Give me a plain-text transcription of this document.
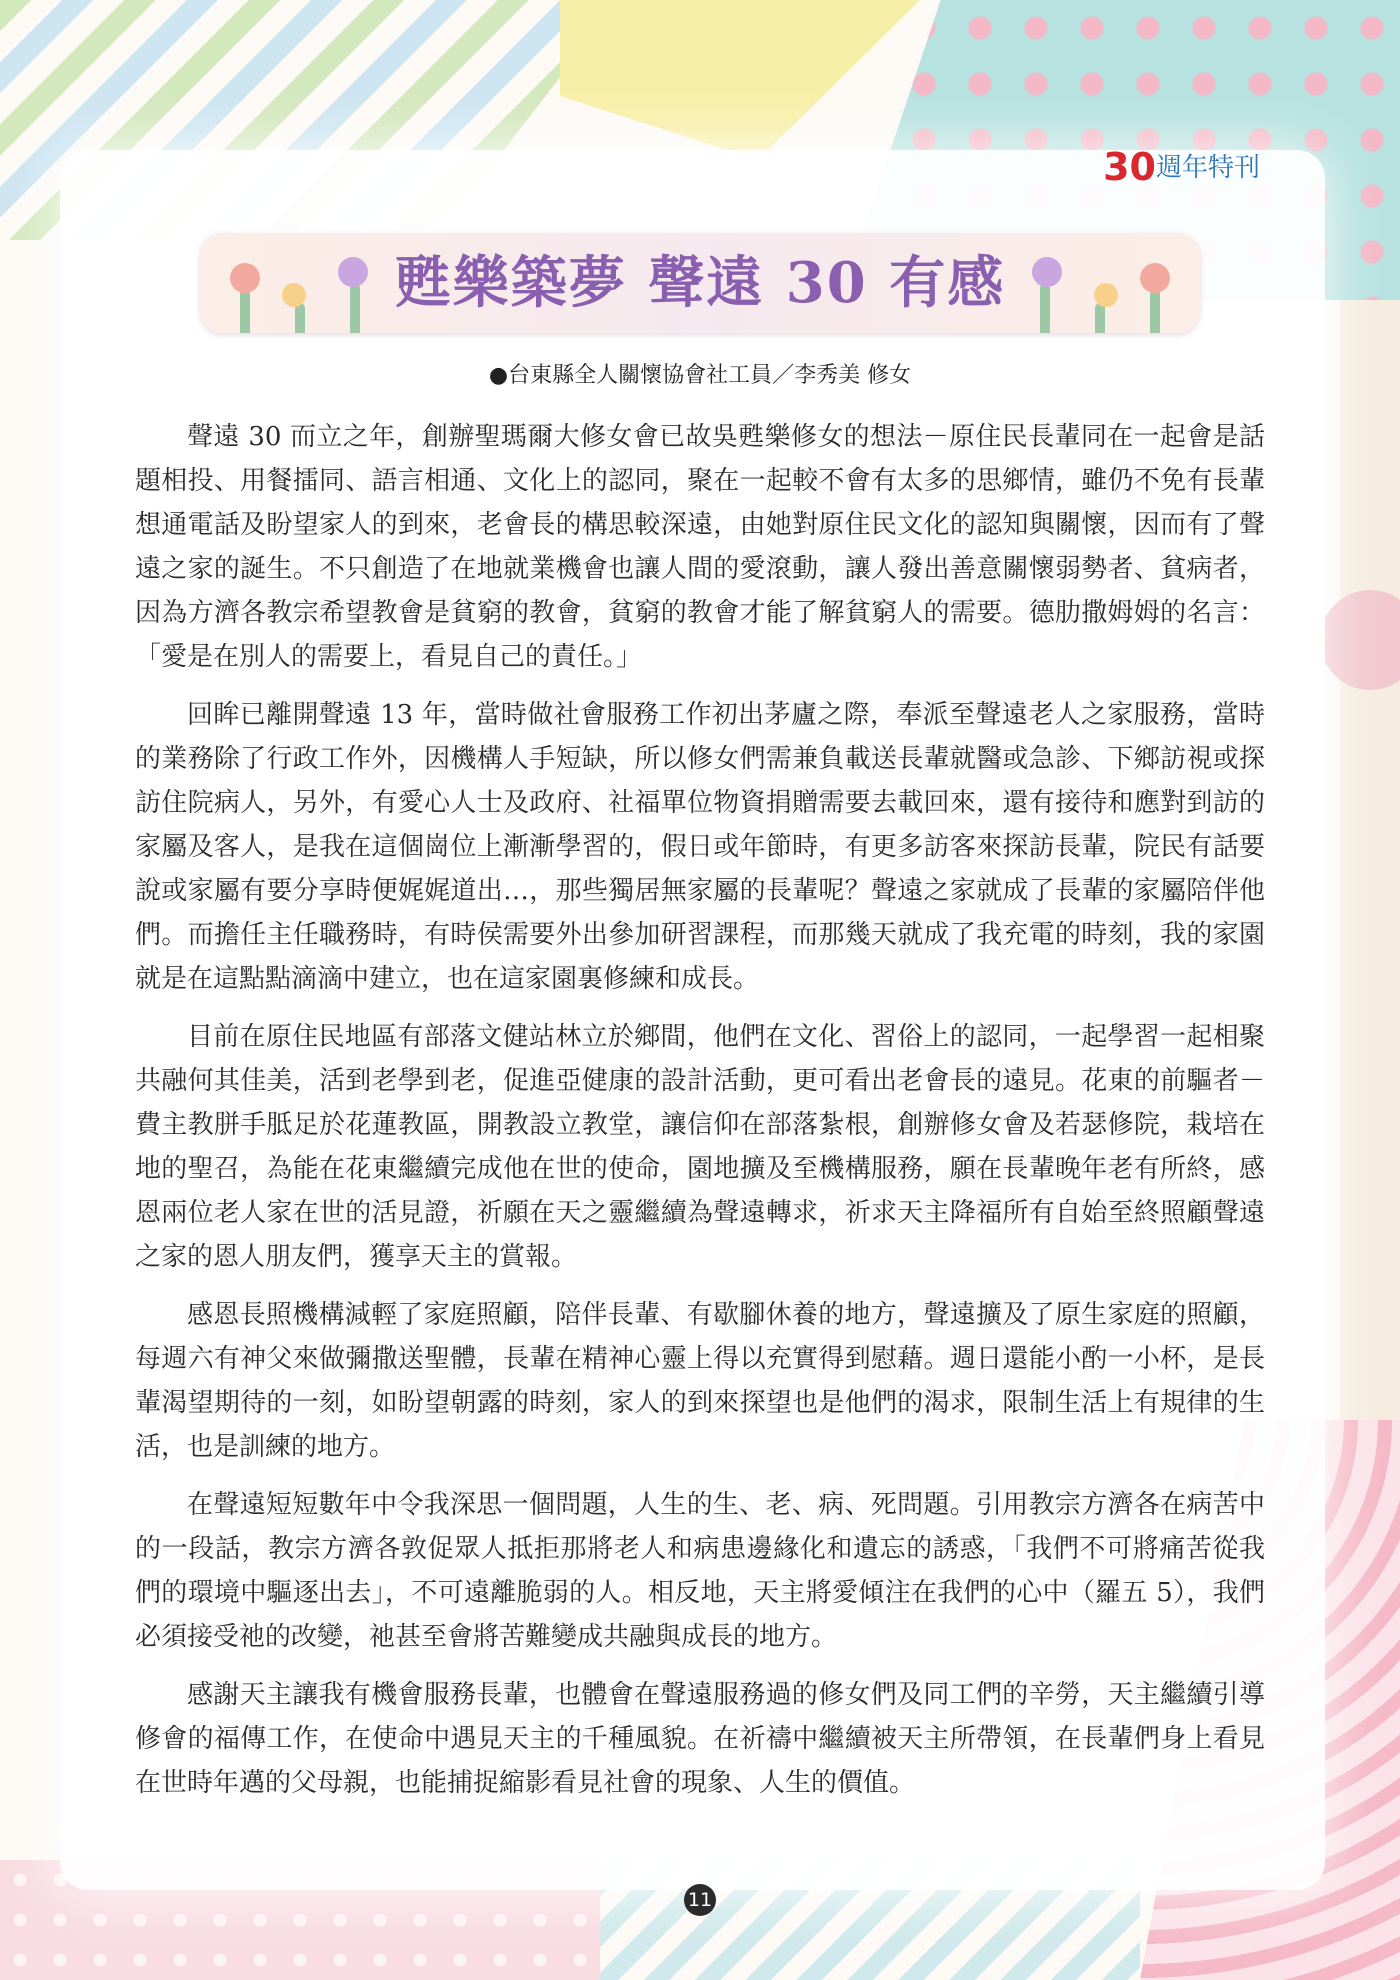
30週年特刊
甦樂築夢 聲遠 30 有感
●台東縣全人關懷協會社工員／李秀美 修女

聲遠 30 而立之年，創辦聖瑪爾大修女會已故吳甦樂修女的想法－原住民長輩同在一起會是話題相投、用餐擂同、語言相通、文化上的認同，聚在一起較不會有太多的思鄉情，雖仍不免有長輩想通電話及盼望家人的到來，老會長的構思較深遠，由她對原住民文化的認知與關懷，因而有了聲遠之家的誕生。不只創造了在地就業機會也讓人間的愛滾動，讓人發出善意關懷弱勢者、貧病者，因為方濟各教宗希望教會是貧窮的教會，貧窮的教會才能了解貧窮人的需要。德肋撒姆姆的名言：「愛是在別人的需要上，看見自己的責任。」

回眸已離開聲遠 13 年，當時做社會服務工作初出茅廬之際，奉派至聲遠老人之家服務，當時的業務除了行政工作外，因機構人手短缺，所以修女們需兼負載送長輩就醫或急診、下鄉訪視或探訪住院病人，另外，有愛心人士及政府、社福單位物資捐贈需要去載回來，還有接待和應對到訪的家屬及客人，是我在這個崗位上漸漸學習的，假日或年節時，有更多訪客來探訪長輩，院民有話要說或家屬有要分享時便娓娓道出…，那些獨居無家屬的長輩呢？聲遠之家就成了長輩的家屬陪伴他們。而擔任主任職務時，有時侯需要外出參加研習課程，而那幾天就成了我充電的時刻，我的家園就是在這點點滴滴中建立，也在這家園裏修練和成長。

目前在原住民地區有部落文健站林立於鄉間，他們在文化、習俗上的認同，一起學習一起相聚共融何其佳美，活到老學到老，促進亞健康的設計活動，更可看出老會長的遠見。花東的前驅者－費主教胼手胝足於花蓮教區，開教設立教堂，讓信仰在部落紮根，創辦修女會及若瑟修院，栽培在地的聖召，為能在花東繼續完成他在世的使命，園地擴及至機構服務，願在長輩晚年老有所終，感恩兩位老人家在世的活見證，祈願在天之靈繼續為聲遠轉求，祈求天主降福所有自始至終照顧聲遠之家的恩人朋友們，獲享天主的賞報。

感恩長照機構減輕了家庭照顧，陪伴長輩、有歇腳休養的地方，聲遠擴及了原生家庭的照顧，每週六有神父來做彌撒送聖體，長輩在精神心靈上得以充實得到慰藉。週日還能小酌一小杯，是長輩渴望期待的一刻，如盼望朝露的時刻，家人的到來探望也是他們的渴求，限制生活上有規律的生活，也是訓練的地方。

在聲遠短短數年中令我深思一個問題，人生的生、老、病、死問題。引用教宗方濟各在病苦中的一段話，教宗方濟各敦促眾人抵拒那將老人和病患邊緣化和遺忘的誘惑，「我們不可將痛苦從我們的環境中驅逐出去」，不可遠離脆弱的人。相反地，天主將愛傾注在我們的心中（羅五 5），我們必須接受祂的改變，祂甚至會將苦難變成共融與成長的地方。

感謝天主讓我有機會服務長輩，也體會在聲遠服務過的修女們及同工們的辛勞，天主繼續引導修會的福傳工作，在使命中遇見天主的千種風貌。在祈禱中繼續被天主所帶領，在長輩們身上看見在世時年邁的父母親，也能捕捉縮影看見社會的現象、人生的價值。

11
